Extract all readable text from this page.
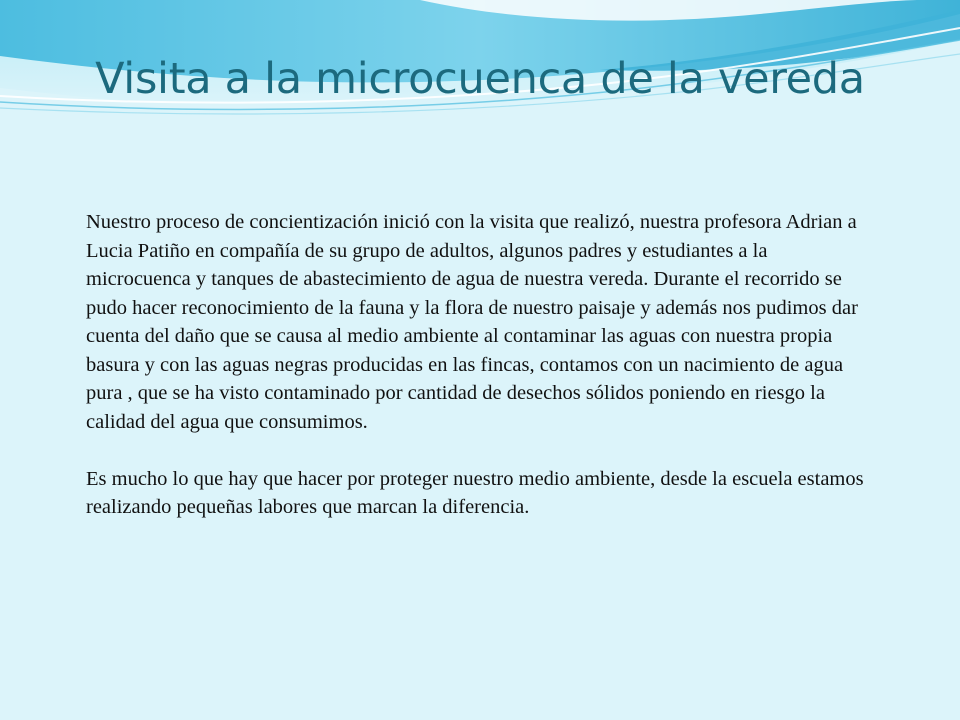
Visita a la microcuenca de la vereda

Nuestro proceso de concientización inició con la visita que realizó, nuestra profesora Adrian a Lucia Patiño en compañía de su grupo de adultos, algunos padres y estudiantes a la microcuenca y tanques de abastecimiento de agua de nuestra vereda. Durante el recorrido se pudo hacer reconocimiento de la fauna y la flora de nuestro paisaje y además nos pudimos dar cuenta del daño que se causa al medio ambiente al contaminar las aguas con nuestra propia basura y con las aguas negras producidas en las fincas, contamos con un nacimiento de agua pura , que se ha visto contaminado por cantidad de desechos sólidos poniendo en riesgo la calidad del agua que consumimos.

Es mucho lo que hay que hacer por proteger nuestro medio ambiente, desde la escuela estamos realizando pequeñas labores que marcan la diferencia.
